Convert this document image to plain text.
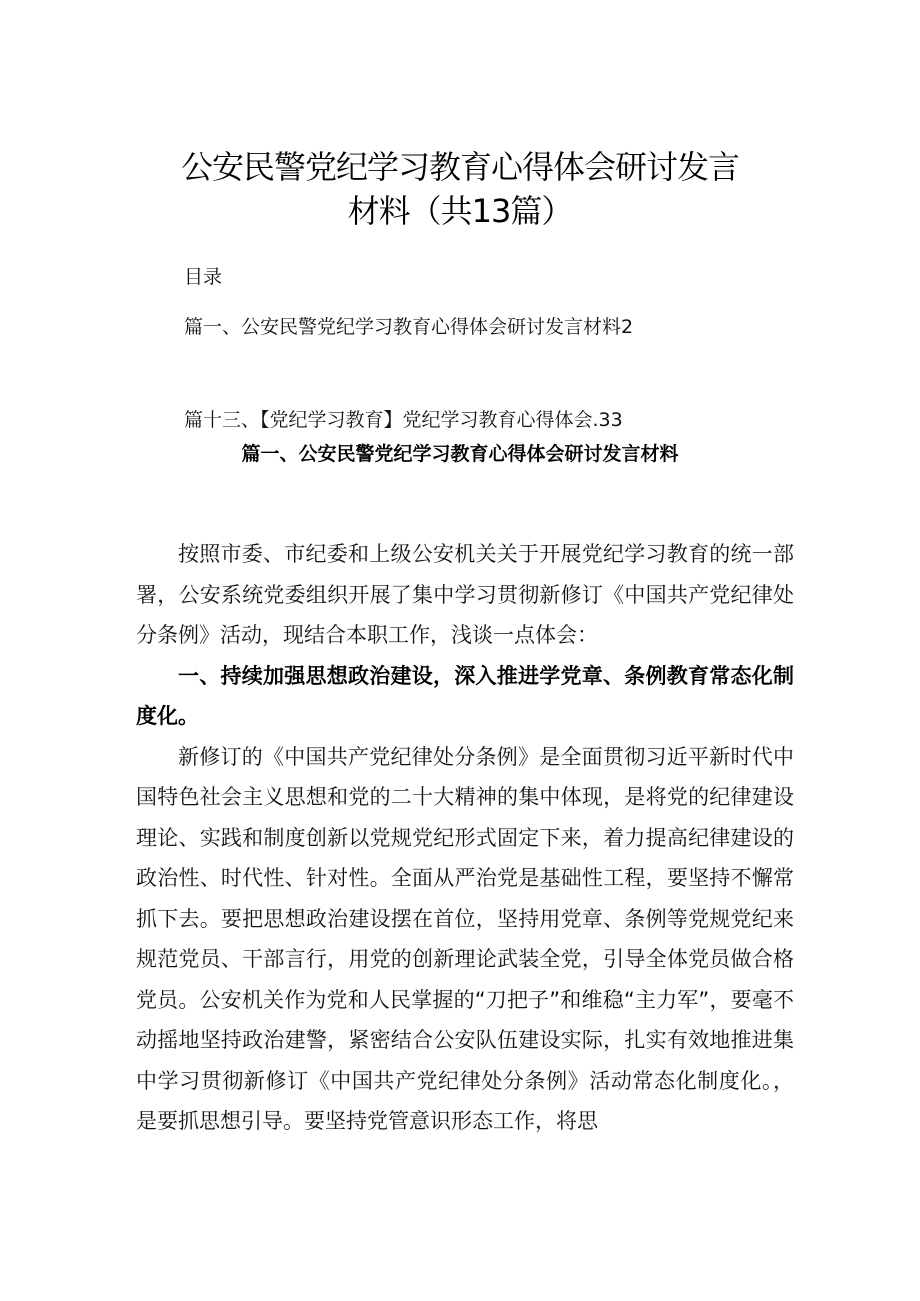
公安民警党纪学习教育心得体会研讨发言
材料（共13篇）
目录
篇一、公安民警党纪学习教育心得体会研讨发言材料2
篇十三、【党纪学习教育】党纪学习教育心得体会.33
篇一、公安民警党纪学习教育心得体会研讨发言材料

按照市委、市纪委和上级公安机关关于开展党纪学习教育的统一部署，公安系统党委组织开展了集中学习贯彻新修订《中国共产党纪律处分条例》活动，现结合本职工作，浅谈一点体会：

一、持续加强思想政治建设，深入推进学党章、条例教育常态化制度化。

新修订的《中国共产党纪律处分条例》是全面贯彻习近平新时代中国特色社会主义思想和党的二十大精神的集中体现，是将党的纪律建设理论、实践和制度创新以党规党纪形式固定下来，着力提高纪律建设的政治性、时代性、针对性。全面从严治党是基础性工程，要坚持不懈常抓下去。要把思想政治建设摆在首位，坚持用党章、条例等党规党纪来规范党员、干部言行，用党的创新理论武装全党，引导全体党员做合格党员。公安机关作为党和人民掌握的“刀把子”和维稳“主力军”，要毫不动摇地坚持政治建警，紧密结合公安队伍建设实际，扎实有效地推进集中学习贯彻新修订《中国共产党纪律处分条例》活动常态化制度化。，是要抓思想引导。要坚持党管意识形态工作，将思
